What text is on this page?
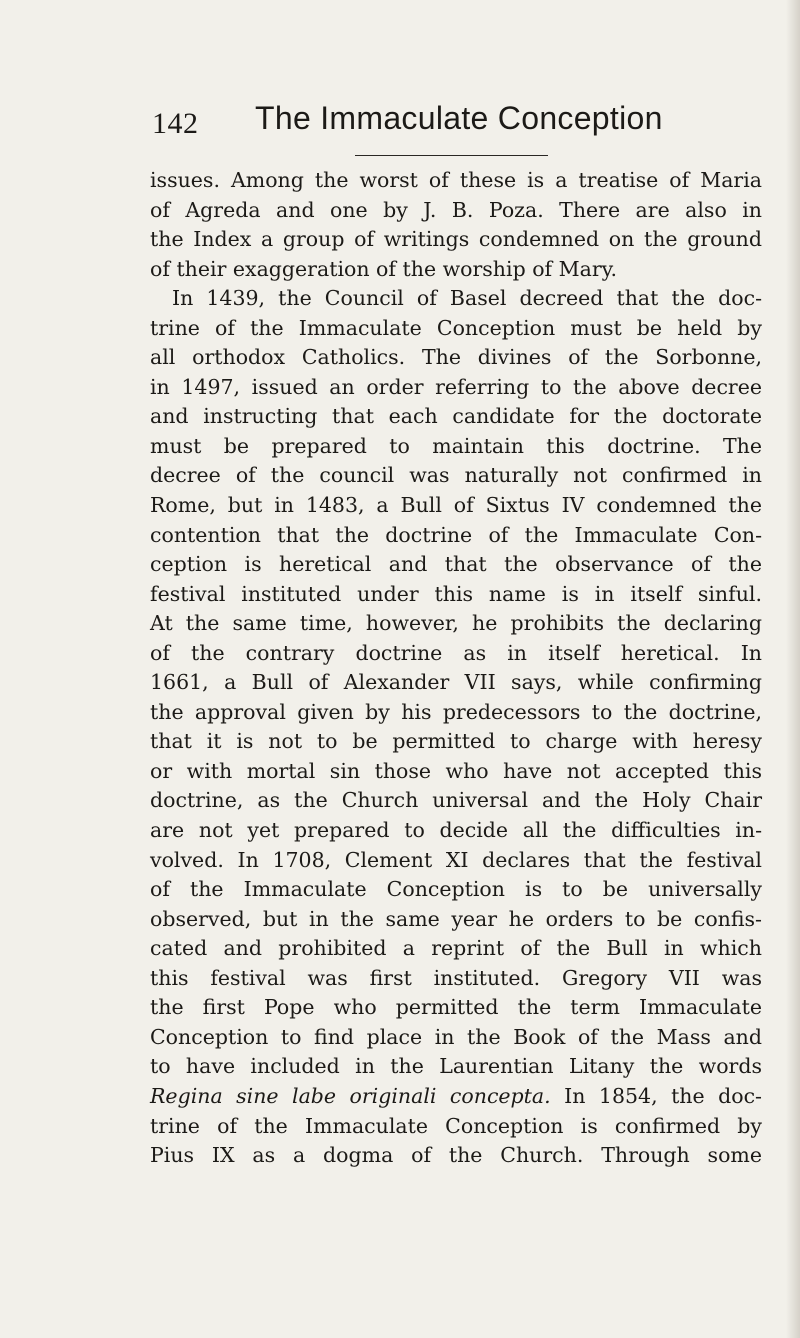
142 The Immaculate Conception
issues. Among the worst of these is a treatise of Maria
of Agreda and one by J. B. Poza. There are also in
the Index a group of writings condemned on the ground
of their exaggeration of the worship of Mary.
In 1439, the Council of Basel decreed that the doc-
trine of the Immaculate Conception must be held by
all orthodox Catholics. The divines of the Sorbonne,
in 1497, issued an order referring to the above decree
and instructing that each candidate for the doctorate
must be prepared to maintain this doctrine. The
decree of the council was naturally not confirmed in
Rome, but in 1483, a Bull of Sixtus IV condemned the
contention that the doctrine of the Immaculate Con-
ception is heretical and that the observance of the
festival instituted under this name is in itself sinful.
At the same time, however, he prohibits the declaring
of the contrary doctrine as in itself heretical. In
1661, a Bull of Alexander VII says, while confirming
the approval given by his predecessors to the doctrine,
that it is not to be permitted to charge with heresy
or with mortal sin those who have not accepted this
doctrine, as the Church universal and the Holy Chair
are not yet prepared to decide all the difficulties in-
volved. In 1708, Clement XI declares that the festival
of the Immaculate Conception is to be universally
observed, but in the same year he orders to be confis-
cated and prohibited a reprint of the Bull in which
this festival was first instituted. Gregory VII was
the first Pope who permitted the term Immaculate
Conception to find place in the Book of the Mass and
to have included in the Laurentian Litany the words
Regina sine labe originali concepta. In 1854, the doc-
trine of the Immaculate Conception is confirmed by
Pius IX as a dogma of the Church. Through some
